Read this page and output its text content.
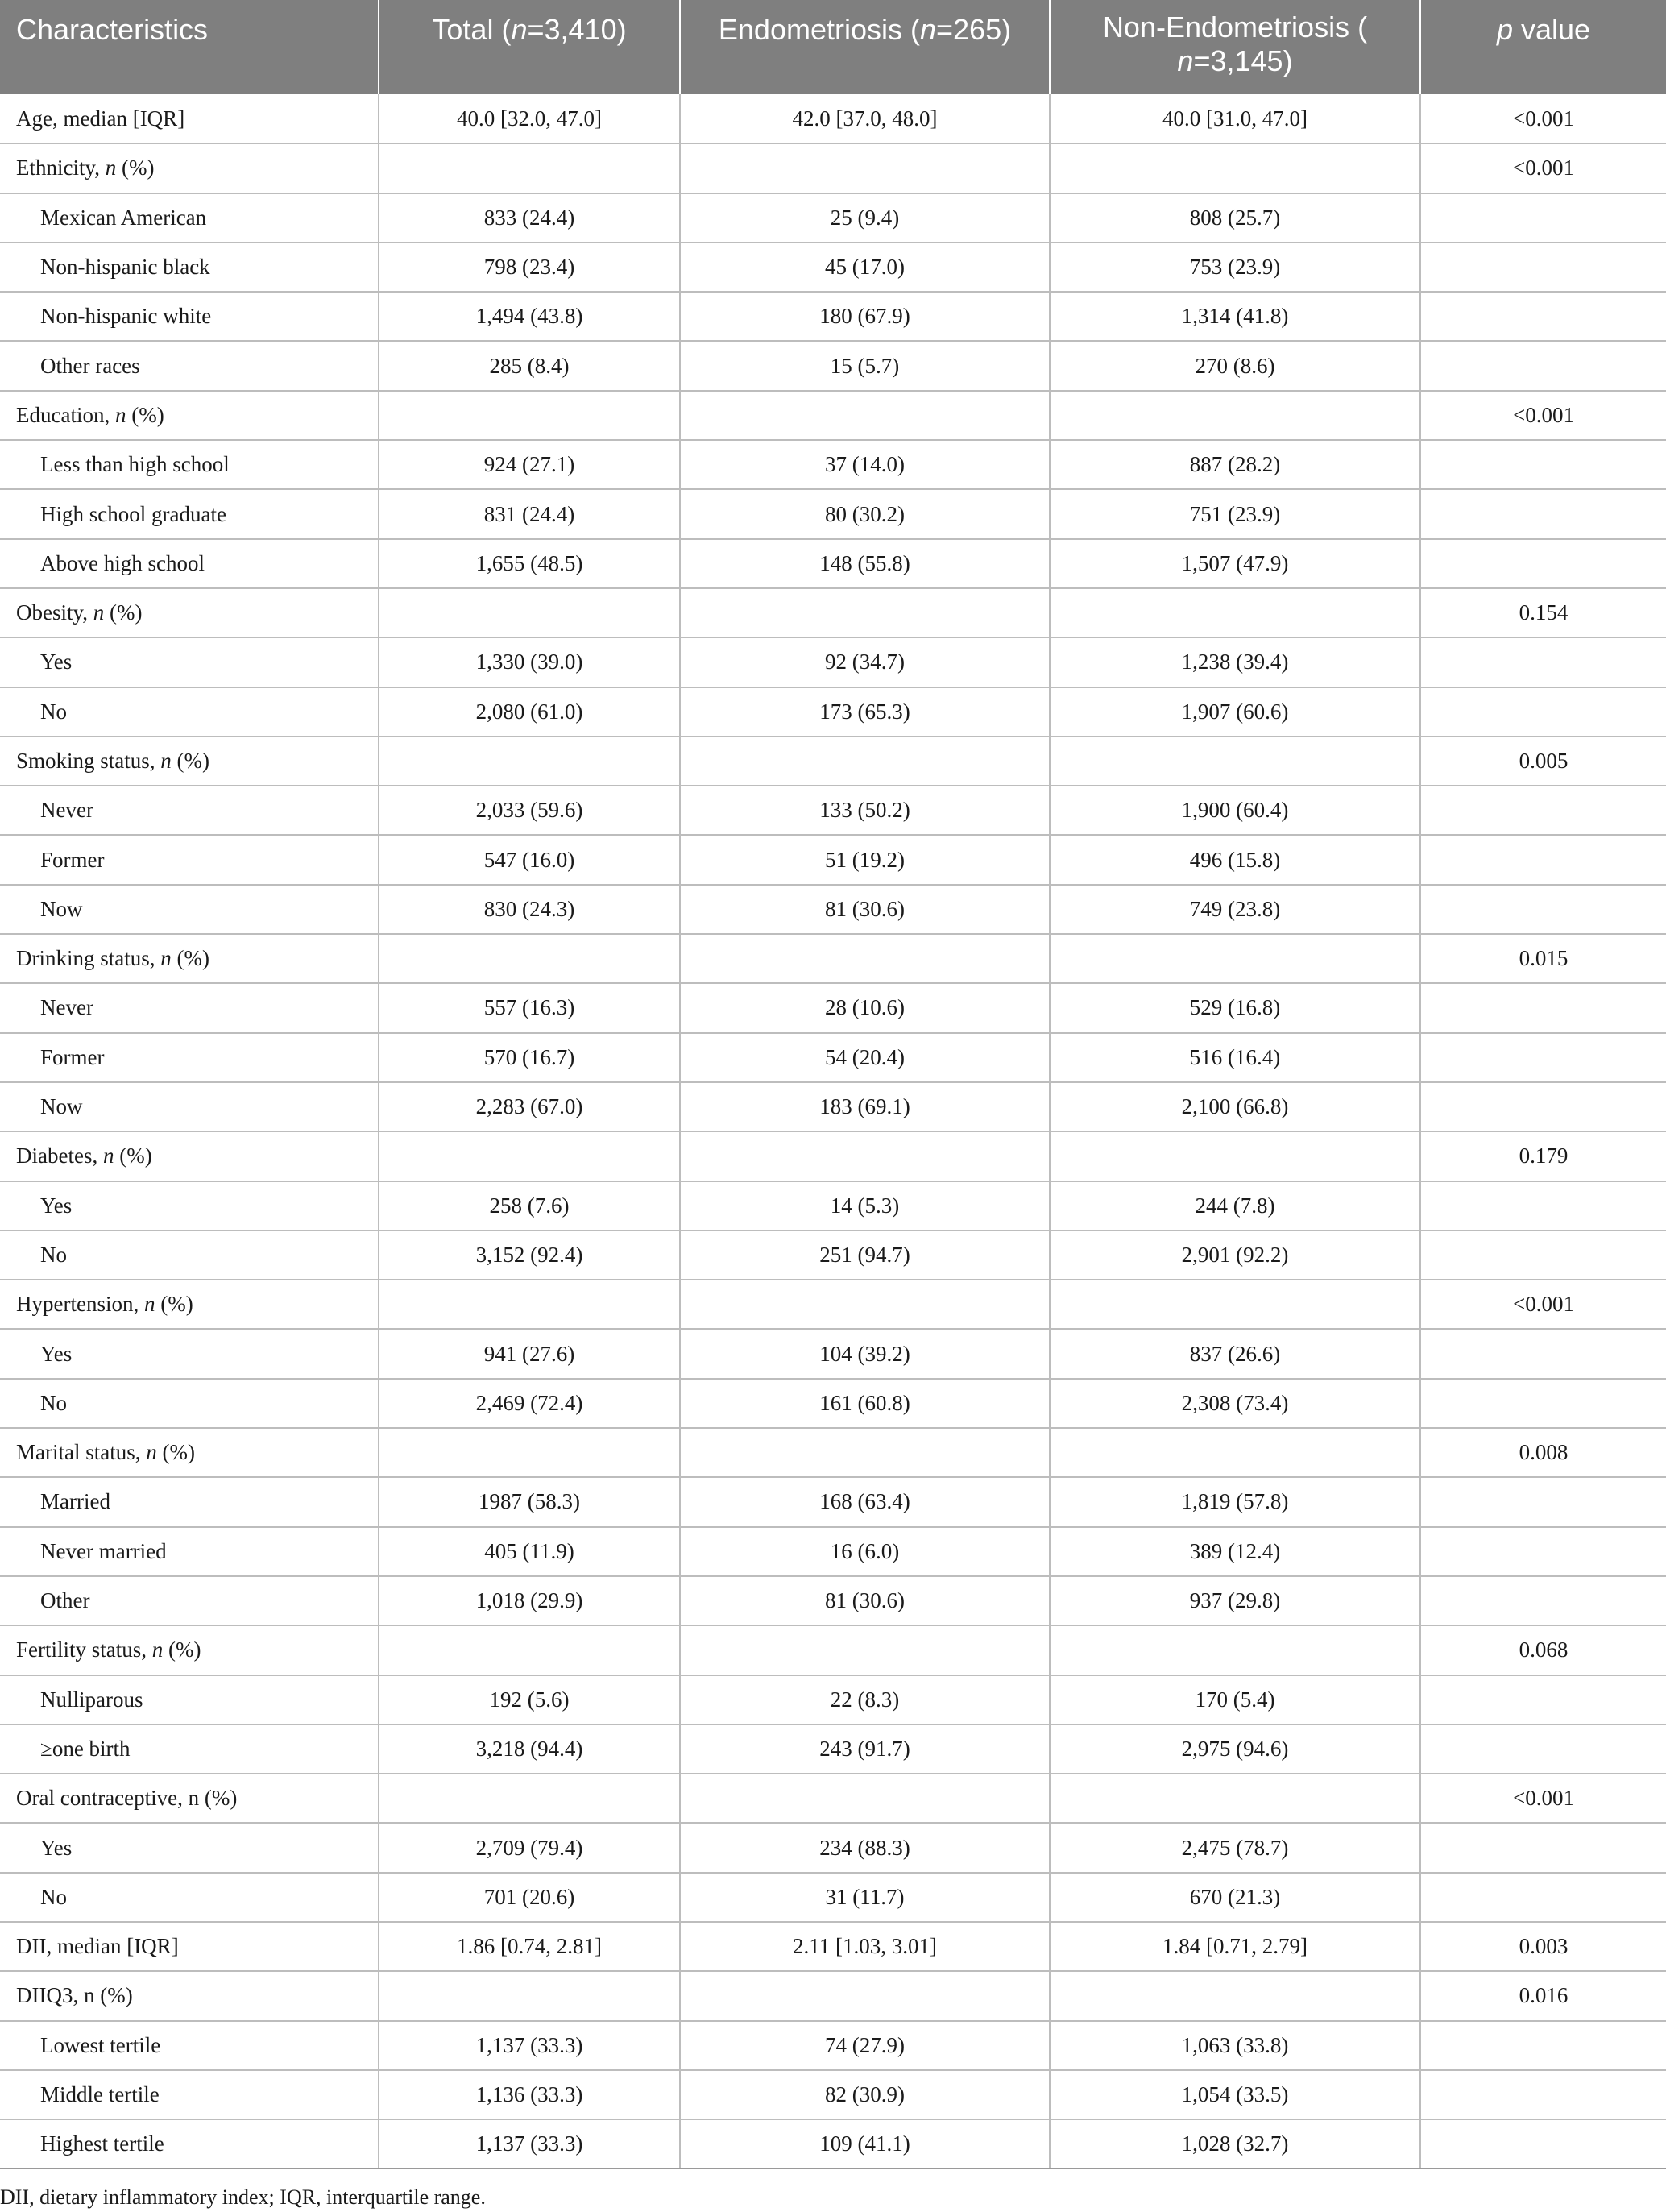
Characteristics	Total (n=3,410)	Endometriosis (n=265)	Non-Endometriosis (
n=3,145)	p value

Age, median [IQR]	40.0 [32.0, 47.0]	42.0 [37.0, 48.0]	40.0 [31.0, 47.0]	<0.001
Ethnicity, n (%)				<0.001
Mexican American	833 (24.4)	25 (9.4)	808 (25.7)	
Non-hispanic black	798 (23.4)	45 (17.0)	753 (23.9)	
Non-hispanic white	1,494 (43.8)	180 (67.9)	1,314 (41.8)	
Other races	285 (8.4)	15 (5.7)	270 (8.6)	
Education, n (%)				<0.001
Less than high school	924 (27.1)	37 (14.0)	887 (28.2)	
High school graduate	831 (24.4)	80 (30.2)	751 (23.9)	
Above high school	1,655 (48.5)	148 (55.8)	1,507 (47.9)	
Obesity, n (%)				0.154
Yes	1,330 (39.0)	92 (34.7)	1,238 (39.4)	
No	2,080 (61.0)	173 (65.3)	1,907 (60.6)	
Smoking status, n (%)				0.005
Never	2,033 (59.6)	133 (50.2)	1,900 (60.4)	
Former	547 (16.0)	51 (19.2)	496 (15.8)	
Now	830 (24.3)	81 (30.6)	749 (23.8)	
Drinking status, n (%)				0.015
Never	557 (16.3)	28 (10.6)	529 (16.8)	
Former	570 (16.7)	54 (20.4)	516 (16.4)	
Now	2,283 (67.0)	183 (69.1)	2,100 (66.8)	
Diabetes, n (%)				0.179
Yes	258 (7.6)	14 (5.3)	244 (7.8)	
No	3,152 (92.4)	251 (94.7)	2,901 (92.2)	
Hypertension, n (%)				<0.001
Yes	941 (27.6)	104 (39.2)	837 (26.6)	
No	2,469 (72.4)	161 (60.8)	2,308 (73.4)	
Marital status, n (%)				0.008
Married	1987 (58.3)	168 (63.4)	1,819 (57.8)	
Never married	405 (11.9)	16 (6.0)	389 (12.4)	
Other	1,018 (29.9)	81 (30.6)	937 (29.8)	
Fertility status, n (%)				0.068
Nulliparous	192 (5.6)	22 (8.3)	170 (5.4)	
≥one birth	3,218 (94.4)	243 (91.7)	2,975 (94.6)	
Oral contraceptive, n (%)				<0.001
Yes	2,709 (79.4)	234 (88.3)	2,475 (78.7)	
No	701 (20.6)	31 (11.7)	670 (21.3)	
DII, median [IQR]	1.86 [0.74, 2.81]	2.11 [1.03, 3.01]	1.84 [0.71, 2.79]	0.003
DIIQ3, n (%)				0.016
Lowest tertile	1,137 (33.3)	74 (27.9)	1,063 (33.8)	
Middle tertile	1,136 (33.3)	82 (30.9)	1,054 (33.5)	
Highest tertile	1,137 (33.3)	109 (41.1)	1,028 (32.7)	
DII, dietary inflammatory index; IQR, interquartile range.
